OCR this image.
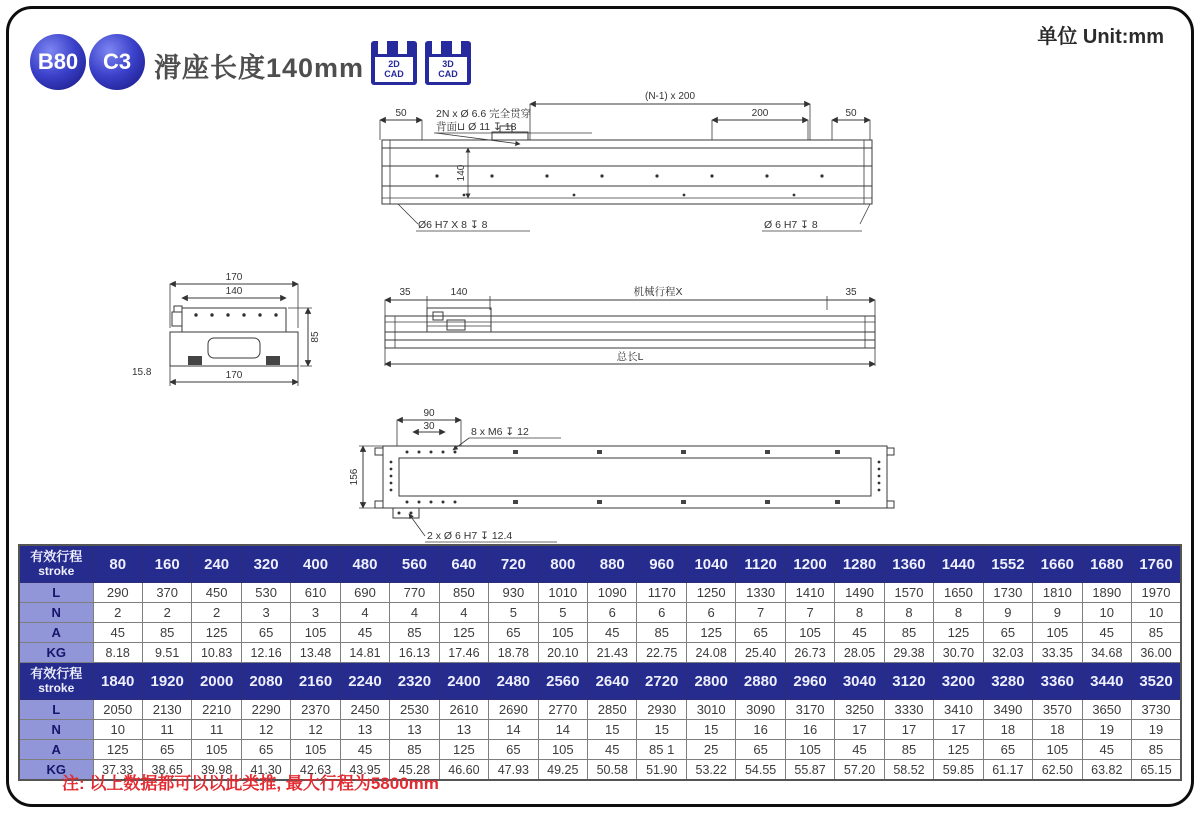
B80	C3 滑座长度140mm
单位 Unit:mm
2D
CAD
3D
CAD
(N-1) x 200
50	50
200
2N x Ø 6.6 完全贯穿
背面⊔ Ø 11 ↧ 18
140
Ø6 H7 X 8 ↧ 8	Ø 6 H7 ↧ 8
170
140
85
15.8	170
35	140	机械行程X	35
总长L
90
30	8 x M6 ↧ 12
156
2 x Ø 6 H7 ↧ 12.4
有效行程
stroke	80	160	240	320	400	480	560	640	720	800	880	960	1040	1120	1200	1280	1360	1440	1552	1660	1680	1760
L	290	370	450	530	610	690	770	850	930	1010	1090	1170	1250	1330	1410	1490	1570	1650	1730	1810	1890	1970
N	2	2	2	3	3	4	4	4	5	5	6	6	6	7	7	8	8	8	9	9	10	10
A	45	85	125	65	105	45	85	125	65	105	45	85	125	65	105	45	85	125	65	105	45	85
KG	8.18	9.51	10.83	12.16	13.48	14.81	16.13	17.46	18.78	20.10	21.43	22.75	24.08	25.40	26.73	28.05	29.38	30.70	32.03	33.35	34.68	36.00

有效行程
stroke	1840	1920	2000	2080	2160	2240	2320	2400	2480	2560	2640	2720	2800	2880	2960	3040	3120	3200	3280	3360	3440	3520
L	2050	2130	2210	2290	2370	2450	2530	2610	2690	2770	2850	2930	3010	3090	3170	3250	3330	3410	3490	3570	3650	3730
N	10	11	11	12	12	13	13	13	14	14	15	15	15	16	16	17	17	17	18	18	19	19
A	125	65	105	65	105	45	85	125	65	105	45	85 1	25	65	105	45	85	125	65	105	45	85
KG	37.33	38.65	39.98	41.30	42.63	43.95	45.28	46.60	47.93	49.25	50.58	51.90	53.22	54.55	55.87	57.20	58.52	59.85	61.17	62.50	63.82	65.15
注: 以上数据都可以以此类推, 最大行程为5800mm
